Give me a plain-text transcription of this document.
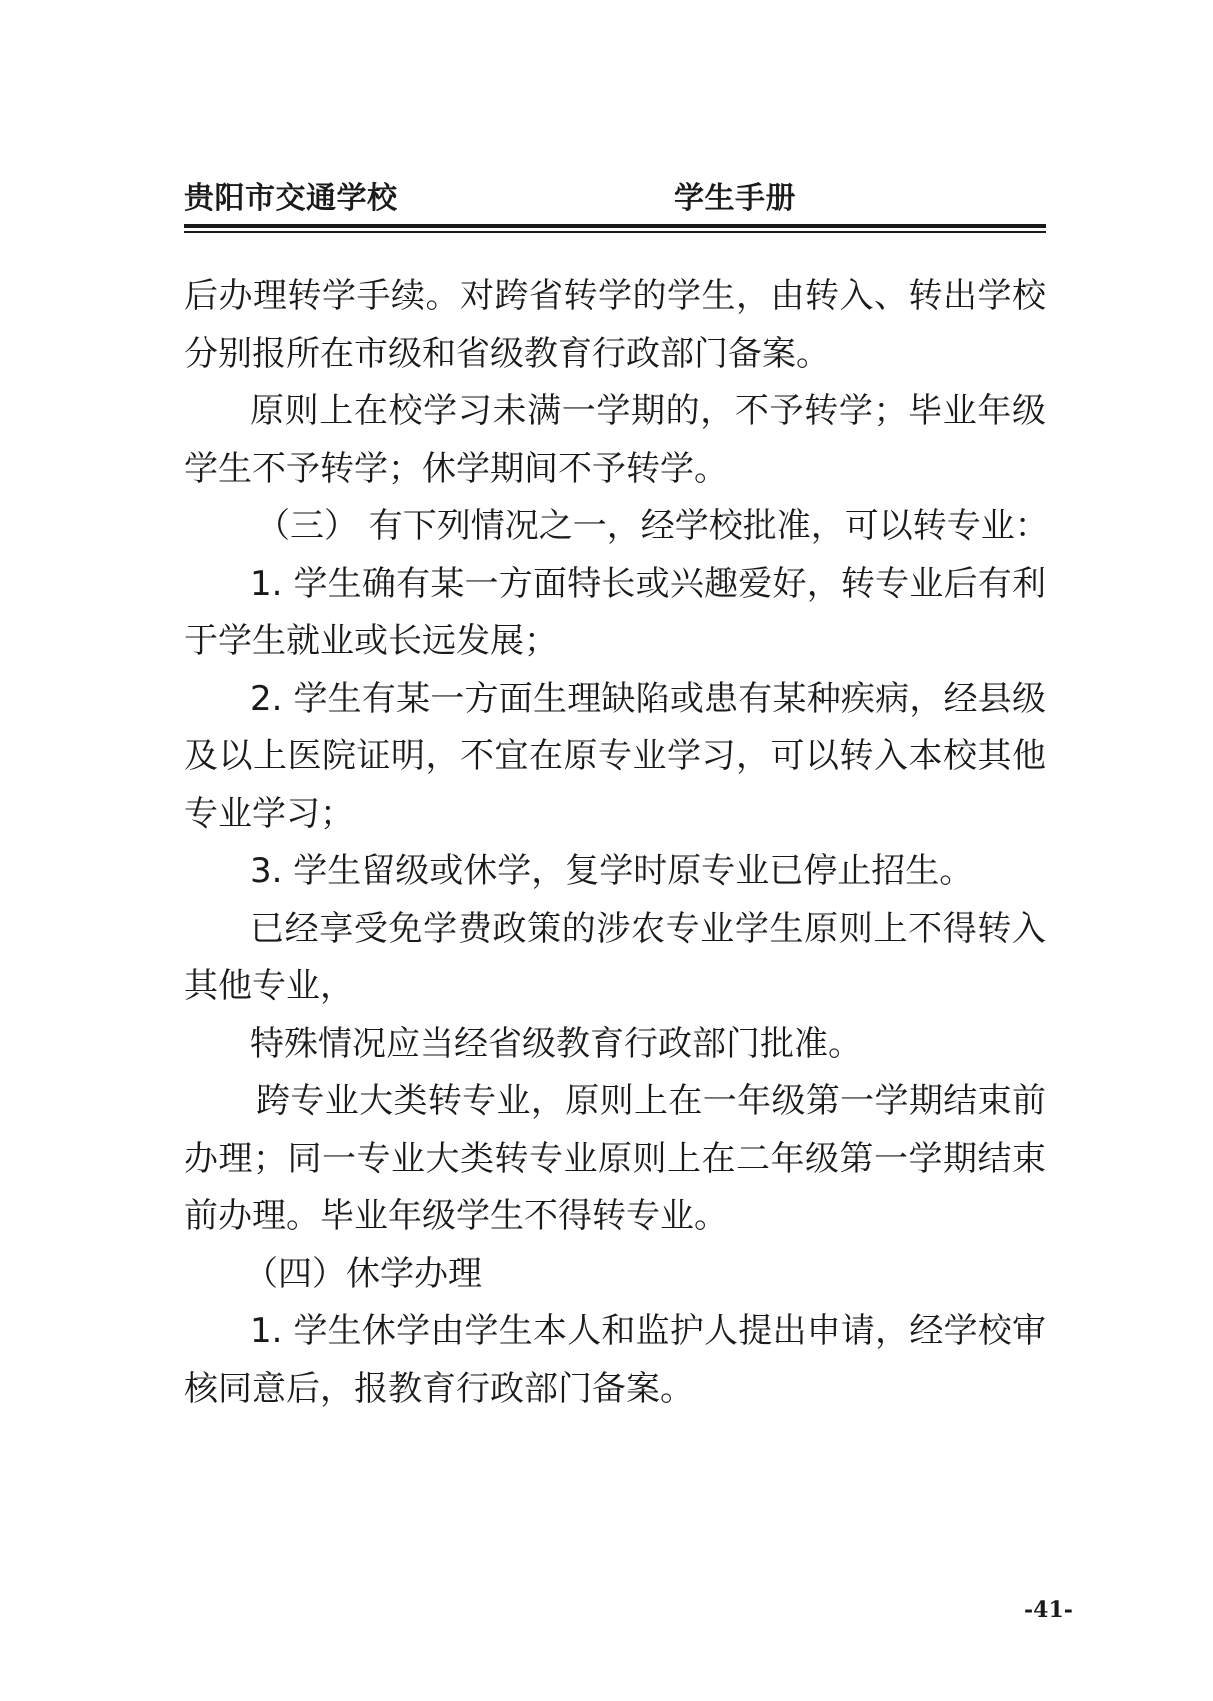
贵阳市交通学校	学生手册
后办理转学手续。对跨省转学的学生，由转入、转出学校
分别报所在市级和省级教育行政部门备案。
原则上在校学习未满一学期的，不予转学；毕业年级
学生不予转学；休学期间不予转学。
（三） 有下列情况之一，经学校批准，可以转专业：
1. 学生确有某一方面特长或兴趣爱好，转专业后有利
于学生就业或长远发展；
2. 学生有某一方面生理缺陷或患有某种疾病，经县级
及以上医院证明，不宜在原专业学习，可以转入本校其他
专业学习；
3. 学生留级或休学，复学时原专业已停止招生。
已经享受免学费政策的涉农专业学生原则上不得转入
其他专业，
特殊情况应当经省级教育行政部门批准。
跨专业大类转专业，原则上在一年级第一学期结束前
办理；同一专业大类转专业原则上在二年级第一学期结束
前办理。毕业年级学生不得转专业。
（四）休学办理
1. 学生休学由学生本人和监护人提出申请，经学校审
核同意后，报教育行政部门备案。
-41-
